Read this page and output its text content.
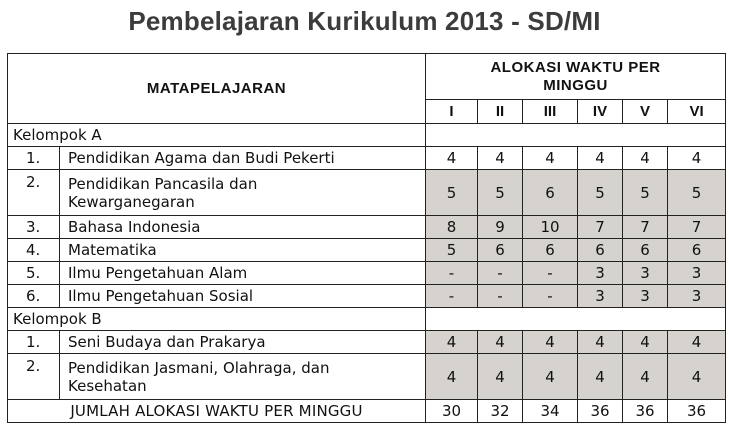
Pembelajaran Kurikulum 2013 - SD/MI
MATAPELAJARAN		ALOKASI WAKTU PER
MINGGU					
		I	II	III	IV	V	VI
Kelompok A							
1.	Pendidikan Agama dan Budi Pekerti	4	4	4	4	4	4
2.	Pendidikan Pancasila dan
Kewarganegaran	5	5	6	5	5	5
3.	Bahasa Indonesia	8	9	10	7	7	7
4.	Matematika	5	6	6	6	6	6
5.	Ilmu Pengetahuan Alam	-	-	-	3	3	3
6.	Ilmu Pengetahuan Sosial	-	-	-	3	3	3
Kelompok B							
1.	Seni Budaya dan Prakarya	4	4	4	4	4	4
2.	Pendidikan Jasmani, Olahraga, dan
Kesehatan	4	4	4	4	4	4
JUMLAH ALOKASI WAKTU PER MINGGU		30	32	34	36	36	36
